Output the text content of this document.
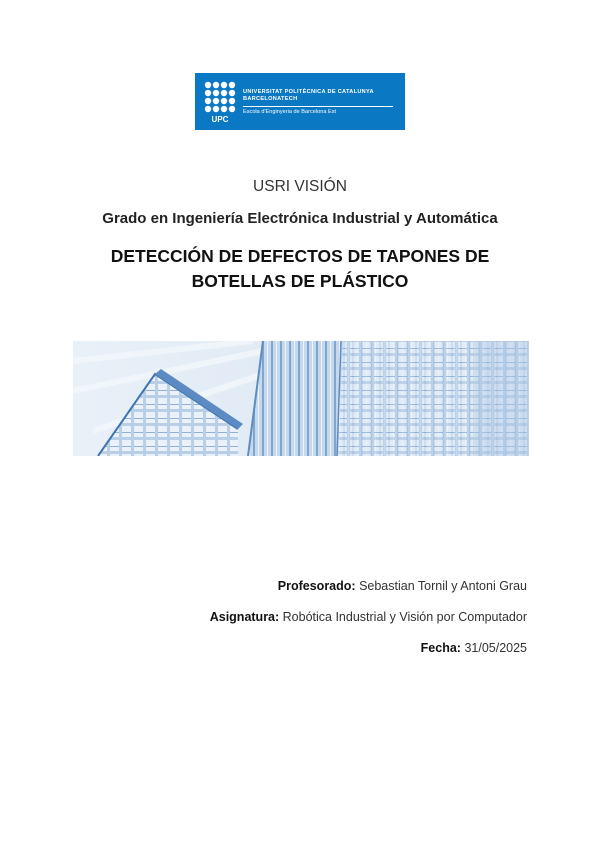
UPC
UNIVERSITAT POLITÈCNICA DE CATALUNYA
BARCELONATECH
Escola d'Enginyeria de Barcelona Est
USRI VISIÓN
Grado en Ingeniería Electrónica Industrial y Automática
DETECCIÓN DE DEFECTOS DE TAPONES DE
BOTELLAS DE PLÁSTICO
Profesorado: Sebastian Tornil y Antoni Grau
Asignatura: Robótica Industrial y Visión por Computador
Fecha: 31/05/2025
